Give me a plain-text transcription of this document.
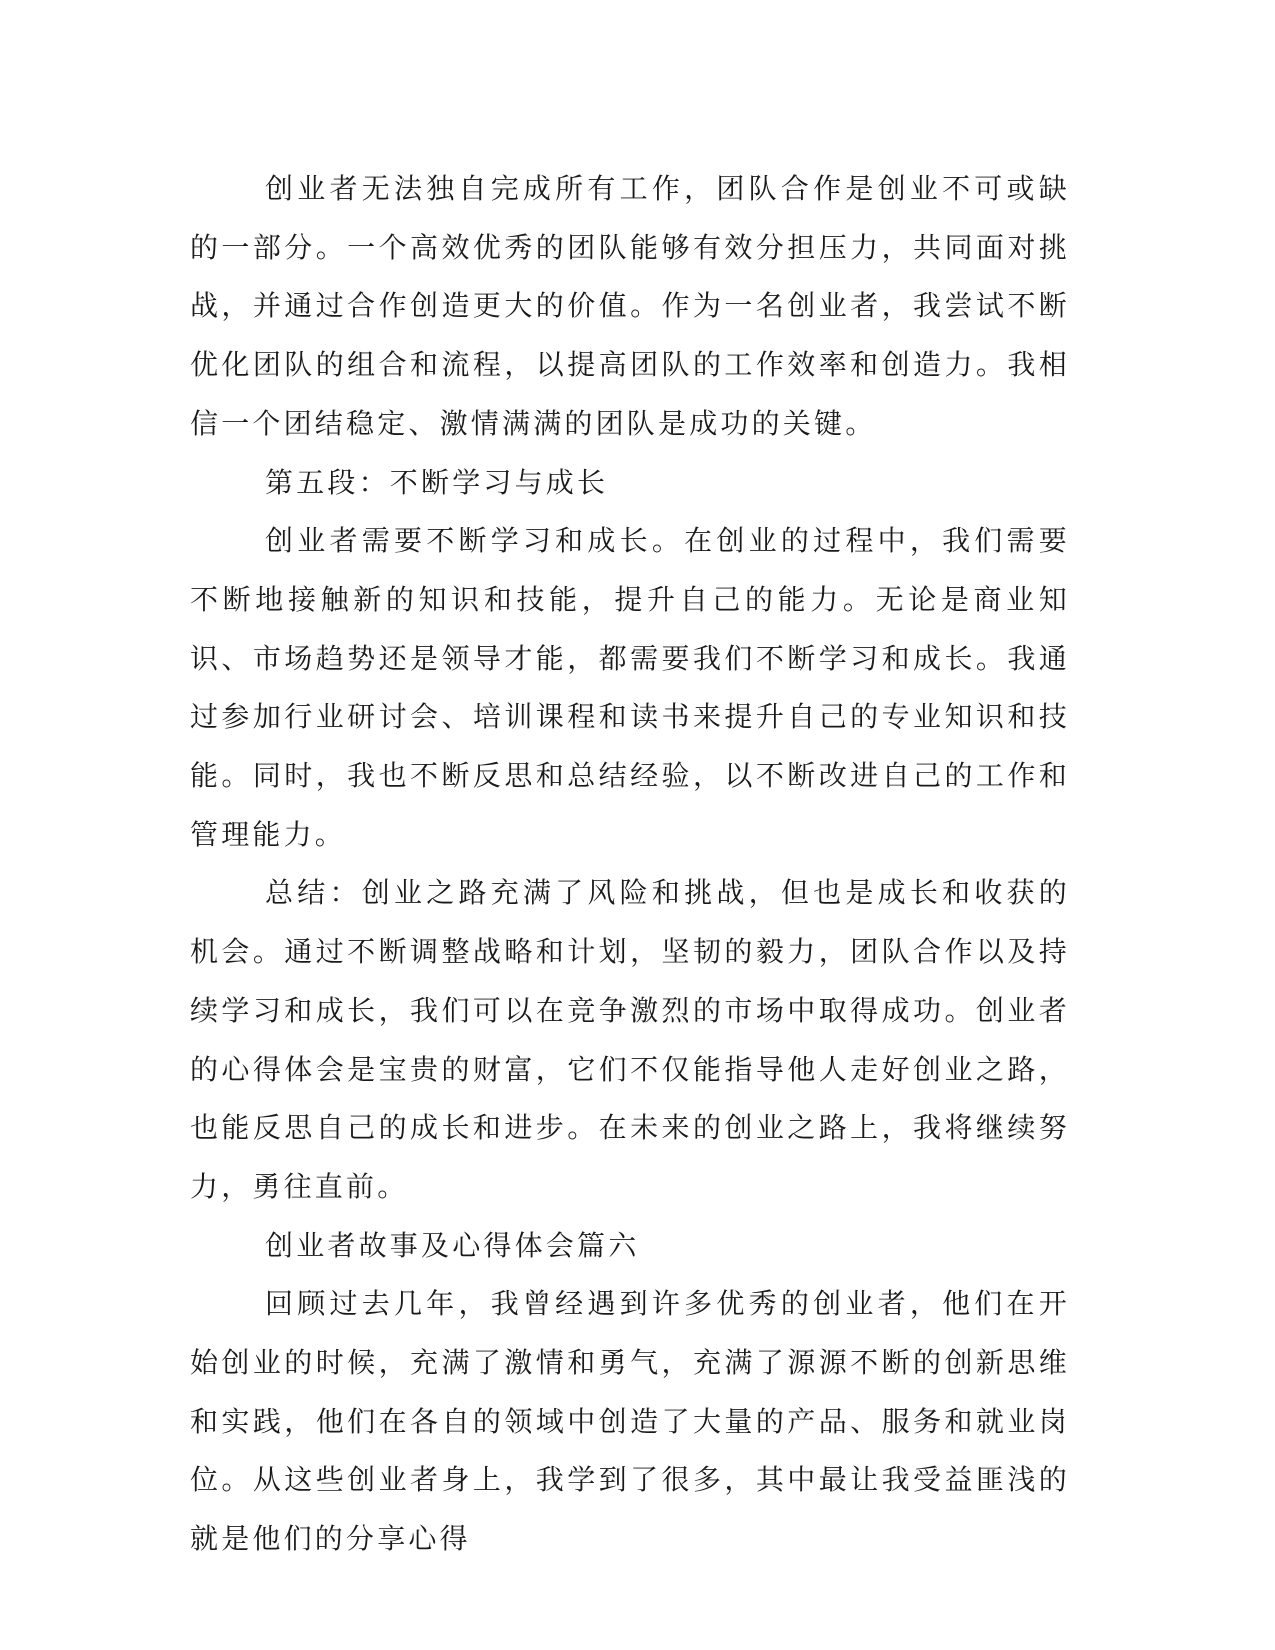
创业者无法独自完成所有工作，团队合作是创业不可或缺的一部分。一个高效优秀的团队能够有效分担压力，共同面对挑战，并通过合作创造更大的价值。作为一名创业者，我尝试不断优化团队的组合和流程，以提高团队的工作效率和创造力。我相信一个团结稳定、激情满满的团队是成功的关键。

第五段：不断学习与成长

创业者需要不断学习和成长。在创业的过程中，我们需要不断地接触新的知识和技能，提升自己的能力。无论是商业知识、市场趋势还是领导才能，都需要我们不断学习和成长。我通过参加行业研讨会、培训课程和读书来提升自己的专业知识和技能。同时，我也不断反思和总结经验，以不断改进自己的工作和管理能力。

总结：创业之路充满了风险和挑战，但也是成长和收获的机会。通过不断调整战略和计划，坚韧的毅力，团队合作以及持续学习和成长，我们可以在竞争激烈的市场中取得成功。创业者的心得体会是宝贵的财富，它们不仅能指导他人走好创业之路，也能反思自己的成长和进步。在未来的创业之路上，我将继续努力，勇往直前。

创业者故事及心得体会篇六

回顾过去几年，我曾经遇到许多优秀的创业者，他们在开始创业的时候，充满了激情和勇气，充满了源源不断的创新思维和实践，他们在各自的领域中创造了大量的产品、服务和就业岗位。从这些创业者身上，我学到了很多，其中最让我受益匪浅的就是他们的分享心得
